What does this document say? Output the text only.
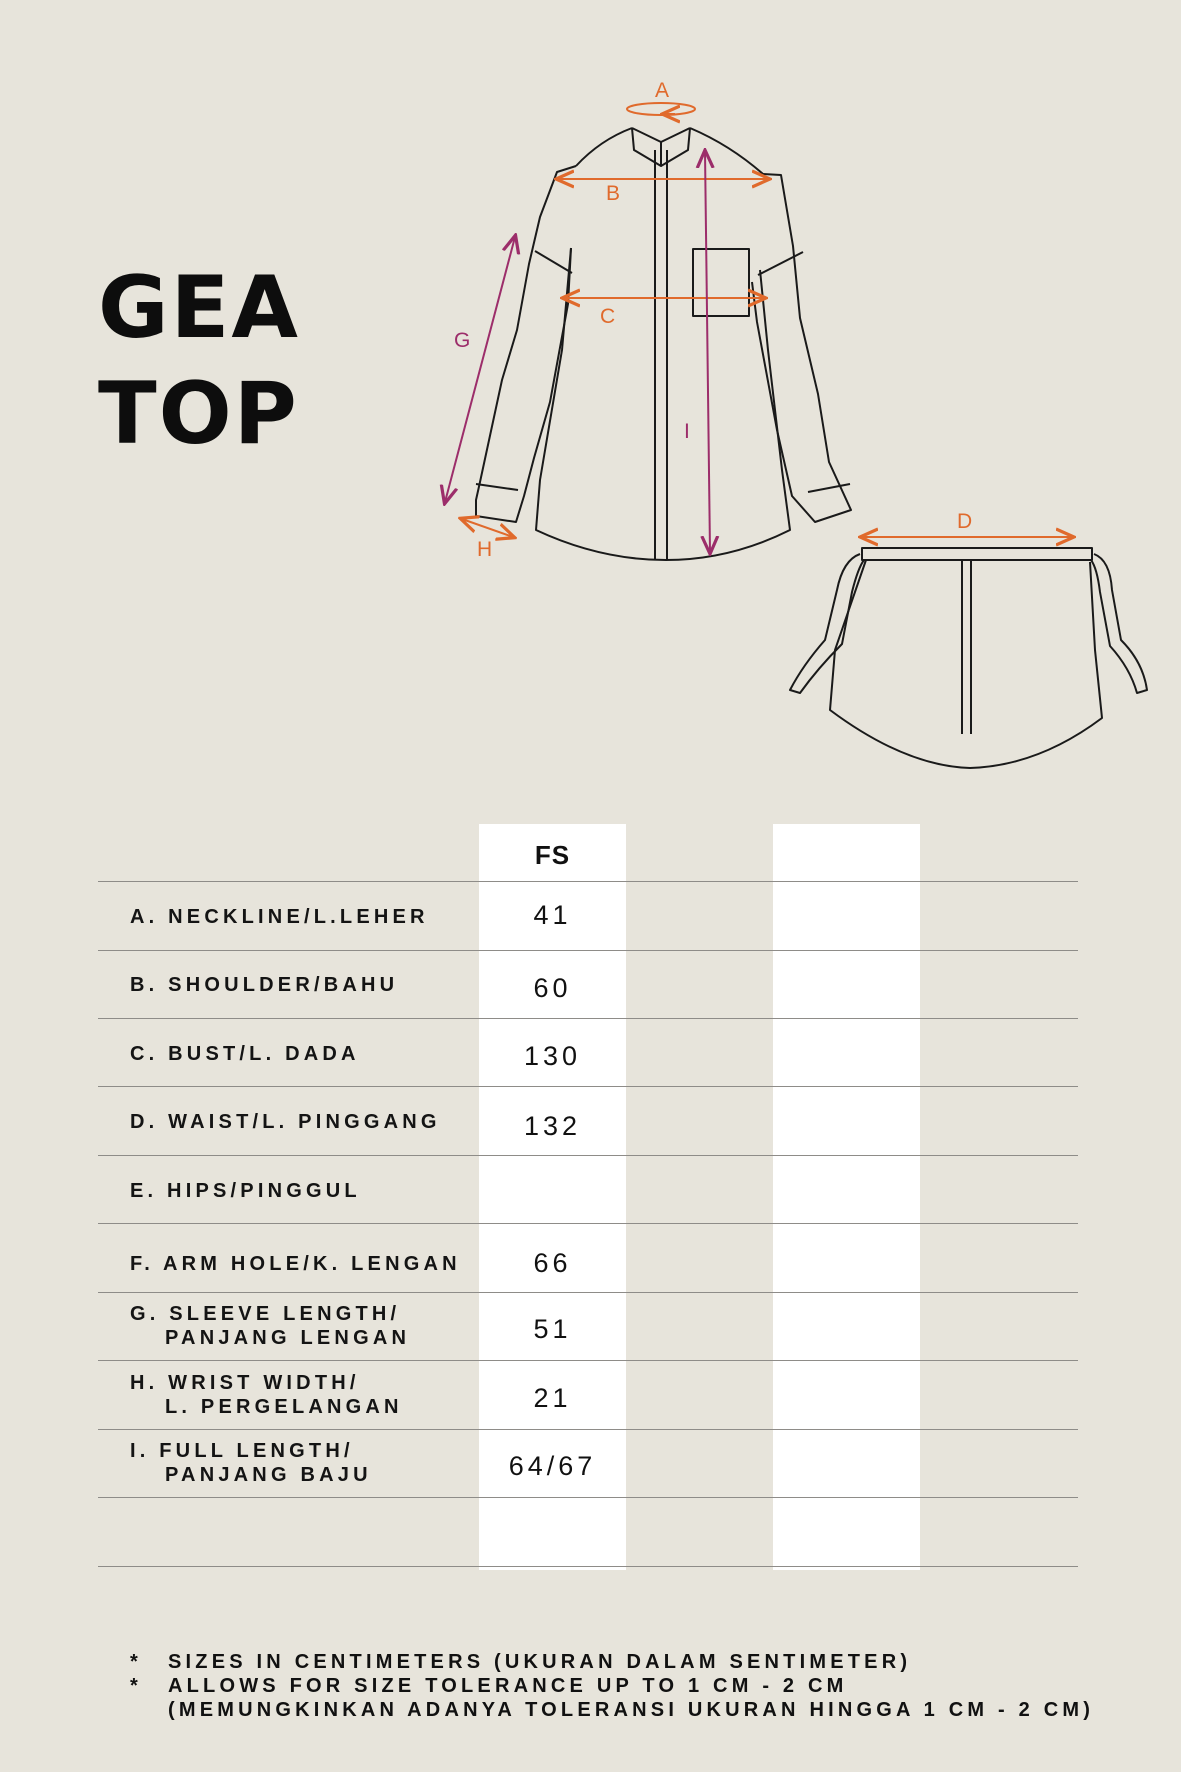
GEA
TOP
A
B
C
D
G
H
I
FS
A. NECKLINE/L.LEHER	41
B. SHOULDER/BAHU	60
C. BUST/L. DADA	130
D. WAIST/L. PINGGANG	132
E. HIPS/PINGGUL
F. ARM HOLE/K. LENGAN	66
G. SLEEVE LENGTH/
PANJANG LENGAN	51
H. WRIST WIDTH/
L. PERGELANGAN	21
I. FULL LENGTH/
PANJANG BAJU	64/67
*	SIZES IN CENTIMETERS (UKURAN DALAM SENTIMETER)
*	ALLOWS FOR SIZE TOLERANCE UP TO 1 CM - 2 CM
(MEMUNGKINKAN ADANYA TOLERANSI UKURAN HINGGA 1 CM - 2 CM)
